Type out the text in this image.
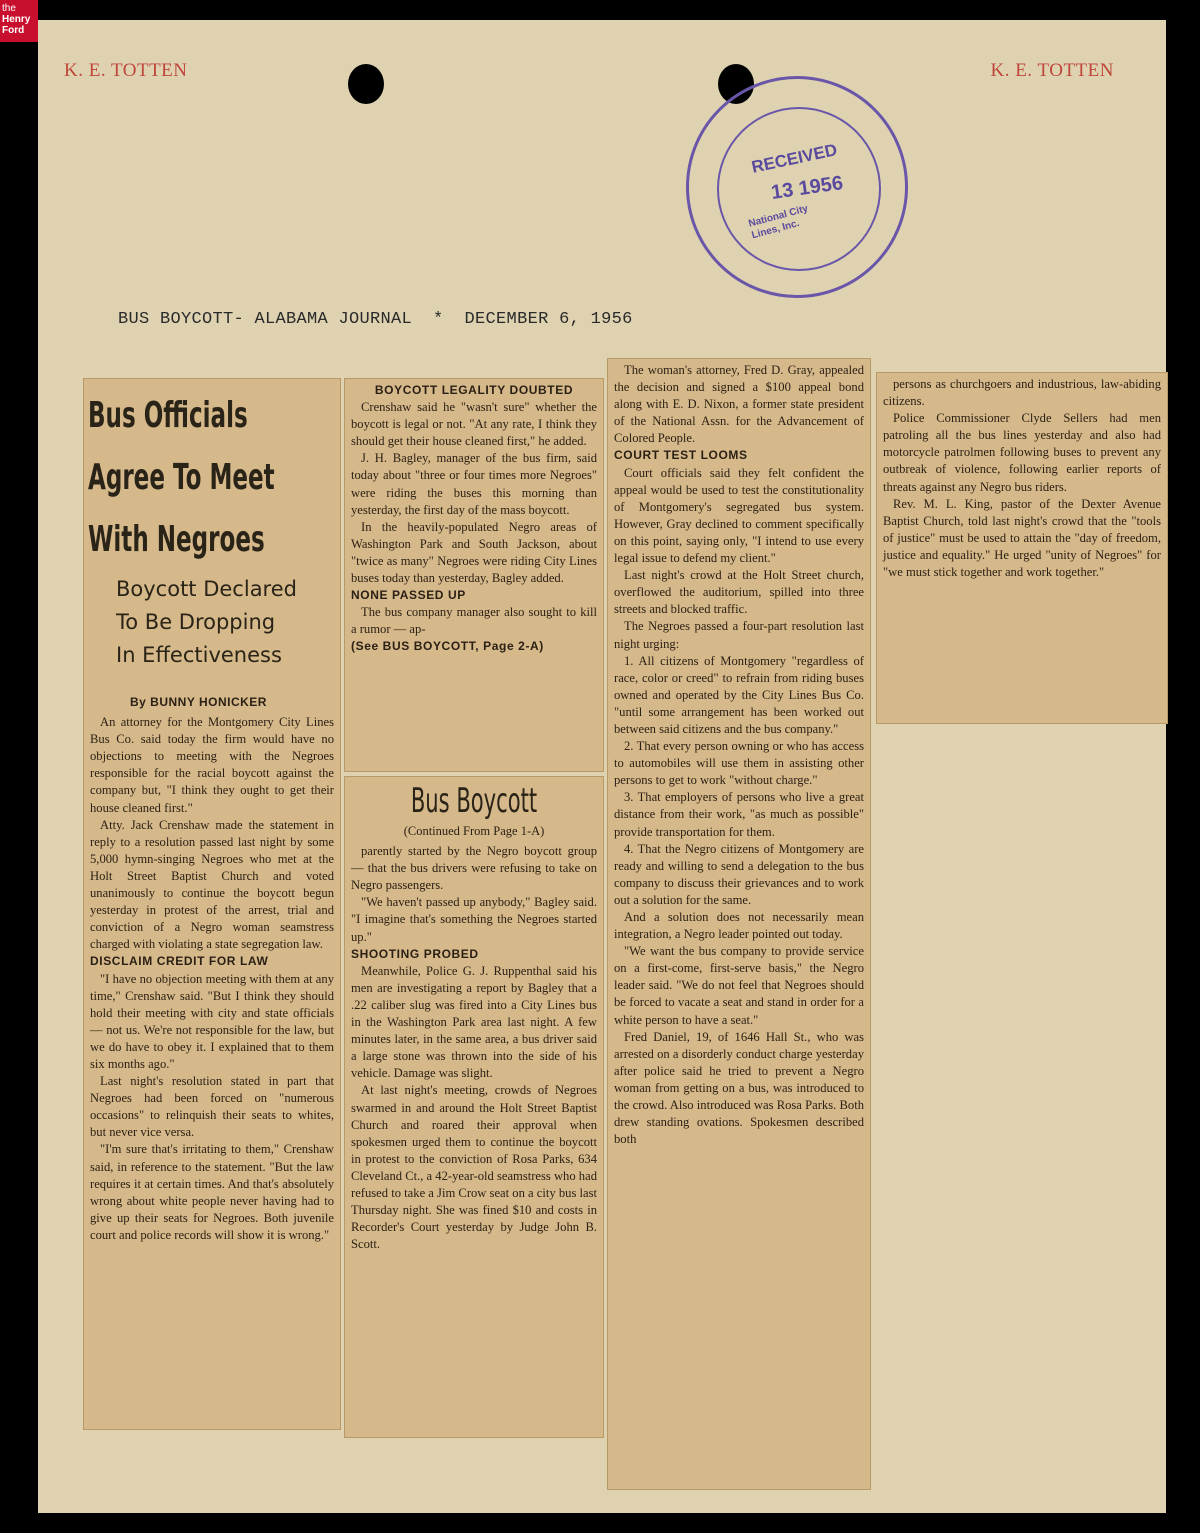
the
Henry
Ford
K. E. TOTTEN	K. E. TOTTEN
RECEIVED
13 1956
National City Lines, Inc.
BUS BOYCOTT- ALABAMA JOURNAL  *  DECEMBER 6, 1956
Bus Officials
Agree To Meet
With Negroes
Boycott Declared
To Be Dropping
In Effectiveness
By BUNNY HONICKER

An attorney for the Montgomery City Lines Bus Co. said today the firm would have no objections to meeting with the Negroes responsible for the racial boycott against the company but, "I think they ought to get their house cleaned first."

Atty. Jack Crenshaw made the statement in reply to a resolution passed last night by some 5,000 hymn-singing Negroes who met at the Holt Street Baptist Church and voted unanimously to continue the boycott begun yesterday in protest of the arrest, trial and conviction of a Negro woman seamstress charged with violating a state segregation law.

DISCLAIM CREDIT FOR LAW

"I have no objection meeting with them at any time," Crenshaw said. "But I think they should hold their meeting with city and state officials — not us. We're not responsible for the law, but we do have to obey it. I explained that to them six months ago."

Last night's resolution stated in part that Negroes had been forced on "numerous occasions" to relinquish their seats to whites, but never vice versa.

"I'm sure that's irritating to them," Crenshaw said, in reference to the statement. "But the law requires it at certain times. And that's absolutely wrong about white people never having had to give up their seats for Negroes. Both juvenile court and police records will show it is wrong."

BOYCOTT LEGALITY DOUBTED

Crenshaw said he "wasn't sure" whether the boycott is legal or not. "At any rate, I think they should get their house cleaned first," he added.

J. H. Bagley, manager of the bus firm, said today about "three or four times more Negroes" were riding the buses this morning than yesterday, the first day of the mass boycott.

In the heavily-populated Negro areas of Washington Park and South Jackson, about "twice as many" Negroes were riding City Lines buses today than yesterday, Bagley added.

NONE PASSED UP

The bus company manager also sought to kill a rumor — ap-

(See BUS BOYCOTT, Page 2-A)
Bus Boycott
(Continued From Page 1-A)

parently started by the Negro boycott group — that the bus drivers were refusing to take on Negro passengers.

"We haven't passed up anybody," Bagley said. "I imagine that's something the Negroes started up."

SHOOTING PROBED

Meanwhile, Police G. J. Ruppenthal said his men are investigating a report by Bagley that a .22 caliber slug was fired into a City Lines bus in the Washington Park area last night. A few minutes later, in the same area, a bus driver said a large stone was thrown into the side of his vehicle. Damage was slight.

At last night's meeting, crowds of Negroes swarmed in and around the Holt Street Baptist Church and roared their approval when spokesmen urged them to continue the boycott in protest to the conviction of Rosa Parks, 634 Cleveland Ct., a 42-year-old seamstress who had refused to take a Jim Crow seat on a city bus last Thursday night. She was fined $10 and costs in Recorder's Court yesterday by Judge John B. Scott.

The woman's attorney, Fred D. Gray, appealed the decision and signed a $100 appeal bond along with E. D. Nixon, a former state president of the National Assn. for the Advancement of Colored People.

COURT TEST LOOMS

Court officials said they felt confident the appeal would be used to test the constitutionality of Montgomery's segregated bus system. However, Gray declined to comment specifically on this point, saying only, "I intend to use every legal issue to defend my client."

Last night's crowd at the Holt Street church, overflowed the auditorium, spilled into three streets and blocked traffic.

The Negroes passed a four-part resolution last night urging:

1. All citizens of Montgomery "regardless of race, color or creed" to refrain from riding buses owned and operated by the City Lines Bus Co. "until some arrangement has been worked out between said citizens and the bus company."

2. That every person owning or who has access to automobiles will use them in assisting other persons to get to work "without charge."

3. That employers of persons who live a great distance from their work, "as much as possible" provide transportation for them.

4. That the Negro citizens of Montgomery are ready and willing to send a delegation to the bus company to discuss their grievances and to work out a solution for the same.

And a solution does not necessarily mean integration, a Negro leader pointed out today.

"We want the bus company to provide service on a first-come, first-serve basis," the Negro leader said. "We do not feel that Negroes should be forced to vacate a seat and stand in order for a white person to have a seat."

Fred Daniel, 19, of 1646 Hall St., who was arrested on a disorderly conduct charge yesterday after police said he tried to prevent a Negro woman from getting on a bus, was introduced to the crowd. Also introduced was Rosa Parks. Both drew standing ovations. Spokesmen described both

persons as churchgoers and industrious, law-abiding citizens.

Police Commissioner Clyde Sellers had men patroling all the bus lines yesterday and also had motorcycle patrolmen following buses to prevent any outbreak of violence, following earlier reports of threats against any Negro bus riders.

Rev. M. L. King, pastor of the Dexter Avenue Baptist Church, told last night's crowd that the "tools of justice" must be used to attain the "day of freedom, justice and equality." He urged "unity of Negroes" for "we must stick together and work together."
